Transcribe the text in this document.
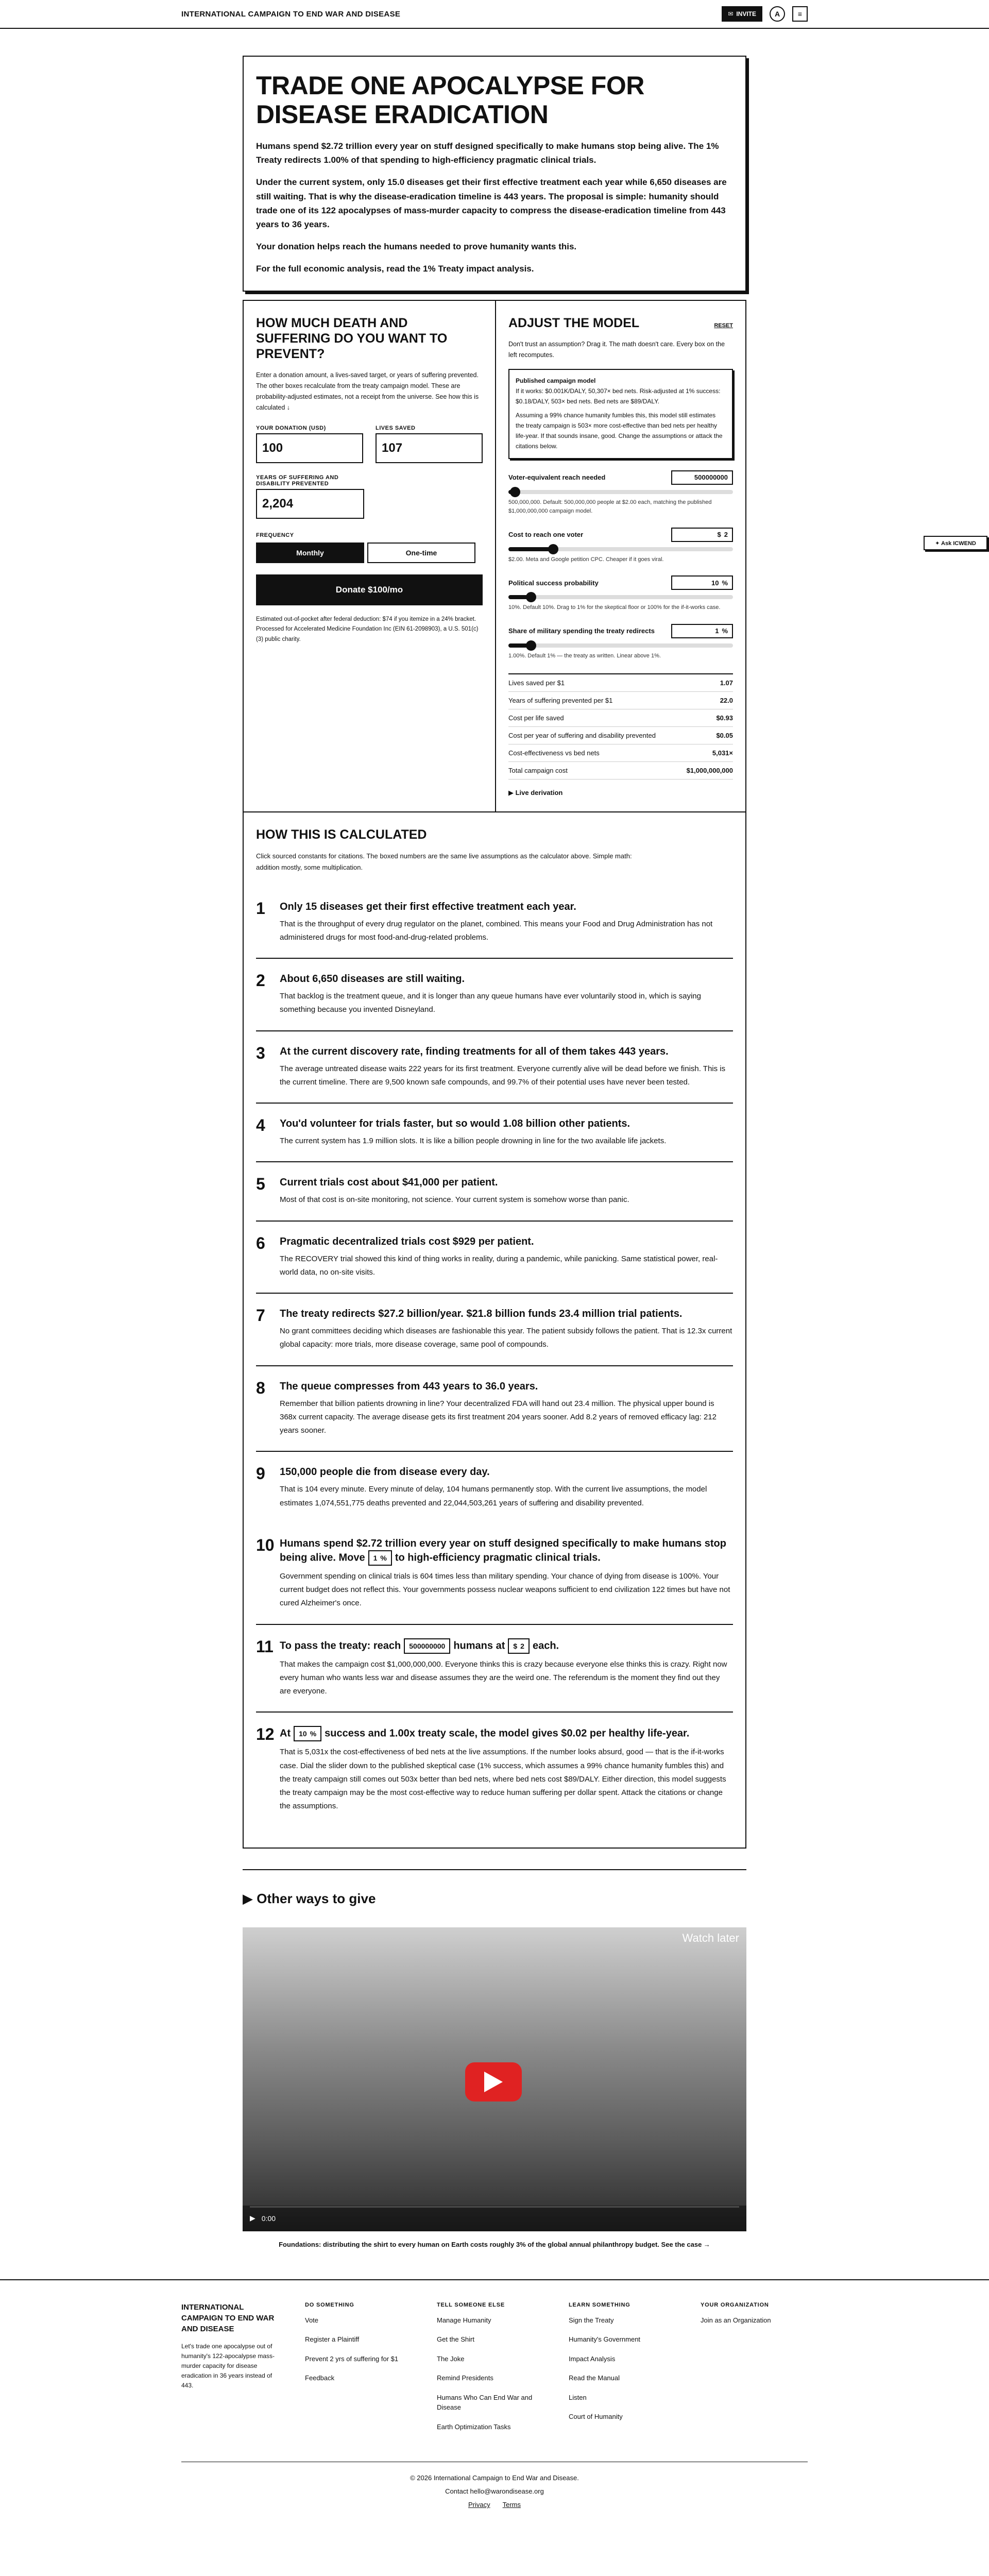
INTERNATIONAL CAMPAIGN TO END WAR AND DISEASE	✉ INVITE	A	≡
✦ Ask ICWEND
TRADE ONE APOCALYPSE FOR DISEASE ERADICATION

Humans spend $2.72 trillion every year on stuff designed specifically to make humans stop being alive. The 1% Treaty redirects 1.00% of that spending to high-efficiency pragmatic clinical trials.

Under the current system, only 15.0 diseases get their first effective treatment each year while 6,650 diseases are still waiting. That is why the disease-eradication timeline is 443 years. The proposal is simple: humanity should trade one of its 122 apocalypses of mass-murder capacity to compress the disease-eradication timeline from 443 years to 36 years.

Your donation helps reach the humans needed to prove humanity wants this.

For the full economic analysis, read the 1% Treaty impact analysis.

HOW MUCH DEATH AND SUFFERING DO YOU WANT TO PREVENT?

Enter a donation amount, a lives-saved target, or years of suffering prevented. The other boxes recalculate from the treaty campaign model. These are probability-adjusted estimates, not a receipt from the universe. See how this is calculated ↓

YOUR DONATION (USD)
100
LIVES SAVED
107
YEARS OF SUFFERING AND DISABILITY PREVENTED
2,204
FREQUENCY
Monthly	One-time
Donate $100/mo

Estimated out-of-pocket after federal deduction: $74 if you itemize in a 24% bracket. Processed for Accelerated Medicine Foundation Inc (EIN 61-2098903), a U.S. 501(c)(3) public charity.

ADJUST THE MODEL	RESET

Don't trust an assumption? Drag it. The math doesn't care. Every box on the left recomputes.

Published campaign model
If it works: $0.001K/DALY, 50,307× bed nets. Risk-adjusted at 1% success: $0.18/DALY, 503× bed nets. Bed nets are $89/DALY.
Assuming a 99% chance humanity fumbles this, this model still estimates the treaty campaign is 503× more cost-effective than bed nets per healthy life-year. If that sounds insane, good. Change the assumptions or attack the citations below.
Voter-equivalent reach needed	500000000
500,000,000. Default: 500,000,000 people at $2.00 each, matching the published $1,000,000,000 campaign model.
Cost to reach one voter	$ 2
$2.00. Meta and Google petition CPC. Cheaper if it goes viral.
Political success probability	10 %
10%. Default 10%. Drag to 1% for the skeptical floor or 100% for the if-it-works case.
Share of military spending the treaty redirects	1 %
1.00%. Default 1% — the treaty as written. Linear above 1%.
Lives saved per $1	1.07
Years of suffering prevented per $1	22.0
Cost per life saved	$0.93
Cost per year of suffering and disability prevented	$0.05
Cost-effectiveness vs bed nets	5,031×
Total campaign cost	$1,000,000,000
▶ Live derivation
HOW THIS IS CALCULATED

Click sourced constants for citations. The boxed numbers are the same live assumptions as the calculator above. Simple math: addition mostly, some multiplication.

1	Only 15 diseases get their first effective treatment each year.
That is the throughput of every drug regulator on the planet, combined. This means your Food and Drug Administration has not administered drugs for most food-and-drug-related problems.
2	About 6,650 diseases are still waiting.
That backlog is the treatment queue, and it is longer than any queue humans have ever voluntarily stood in, which is saying something because you invented Disneyland.
3	At the current discovery rate, finding treatments for all of them takes 443 years.
The average untreated disease waits 222 years for its first treatment. Everyone currently alive will be dead before we finish. This is the current timeline. There are 9,500 known safe compounds, and 99.7% of their potential uses have never been tested.
4	You'd volunteer for trials faster, but so would 1.08 billion other patients.
The current system has 1.9 million slots. It is like a billion people drowning in line for the two available life jackets.
5	Current trials cost about $41,000 per patient.
Most of that cost is on-site monitoring, not science. Your current system is somehow worse than panic.
6	Pragmatic decentralized trials cost $929 per patient.
The RECOVERY trial showed this kind of thing works in reality, during a pandemic, while panicking. Same statistical power, real-world data, no on-site visits.
7	The treaty redirects $27.2 billion/year. $21.8 billion funds 23.4 million trial patients.
No grant committees deciding which diseases are fashionable this year. The patient subsidy follows the patient. That is 12.3x current global capacity: more trials, more disease coverage, same pool of compounds.
8	The queue compresses from 443 years to 36.0 years.
Remember that billion patients drowning in line? Your decentralized FDA will hand out 23.4 million. The physical upper bound is 368x current capacity. The average disease gets its first treatment 204 years sooner. Add 8.2 years of removed efficacy lag: 212 years sooner.
9	150,000 people die from disease every day.
That is 104 every minute. Every minute of delay, 104 humans permanently stop. With the current live assumptions, the model estimates 1,074,551,775 deaths prevented and 22,044,503,261 years of suffering and disability prevented.
10 Humans spend $2.72 trillion every year on stuff designed specifically to make humans stop being alive. Move 1 % to high-efficiency pragmatic clinical trials.
Government spending on clinical trials is 604 times less than military spending. Your chance of dying from disease is 100%. Your current budget does not reflect this. Your governments possess nuclear weapons sufficient to end civilization 122 times but have not cured Alzheimer's once.
11 To pass the treaty: reach 500000000 humans at $ 2 each.
That makes the campaign cost $1,000,000,000. Everyone thinks this is crazy because everyone else thinks this is crazy. Right now every human who wants less war and disease assumes they are the weird one. The referendum is the moment they find out they are everyone.
12 At 10 % success and 1.00x treaty scale, the model gives $0.02 per healthy life-year.
That is 5,031x the cost-effectiveness of bed nets at the live assumptions. If the number looks absurd, good — that is the if-it-works case. Dial the slider down to the published skeptical case (1% success, which assumes a 99% chance humanity fumbles this) and the treaty campaign still comes out 503x better than bed nets, where bed nets cost $89/DALY. Either direction, this model suggests the treaty campaign may be the most cost-effective way to reduce human suffering per dollar spent. Attack the citations or change the assumptions.
▶ Other ways to give
Watch later
▶ 0:00
Foundations: distributing the shirt to every human on Earth costs roughly 3% of the global annual philanthropy budget. See the case →
INTERNATIONAL CAMPAIGN TO END WAR AND DISEASE

Let's trade one apocalypse out of humanity's 122-apocalypse mass-murder capacity for disease eradication in 36 years instead of 443.

DO SOMETHING
Vote
Register a Plaintiff
Prevent 2 yrs of suffering for $1
Feedback
TELL SOMEONE ELSE
Manage Humanity
Get the Shirt
The Joke
Remind Presidents
Humans Who Can End War and Disease
Earth Optimization Tasks
LEARN SOMETHING
Sign the Treaty
Humanity's Government
Impact Analysis
Read the Manual
Listen
Court of Humanity
YOUR ORGANIZATION
Join as an Organization
© 2026 International Campaign to End War and Disease.
Contact hello@warondisease.org
Privacy Terms
